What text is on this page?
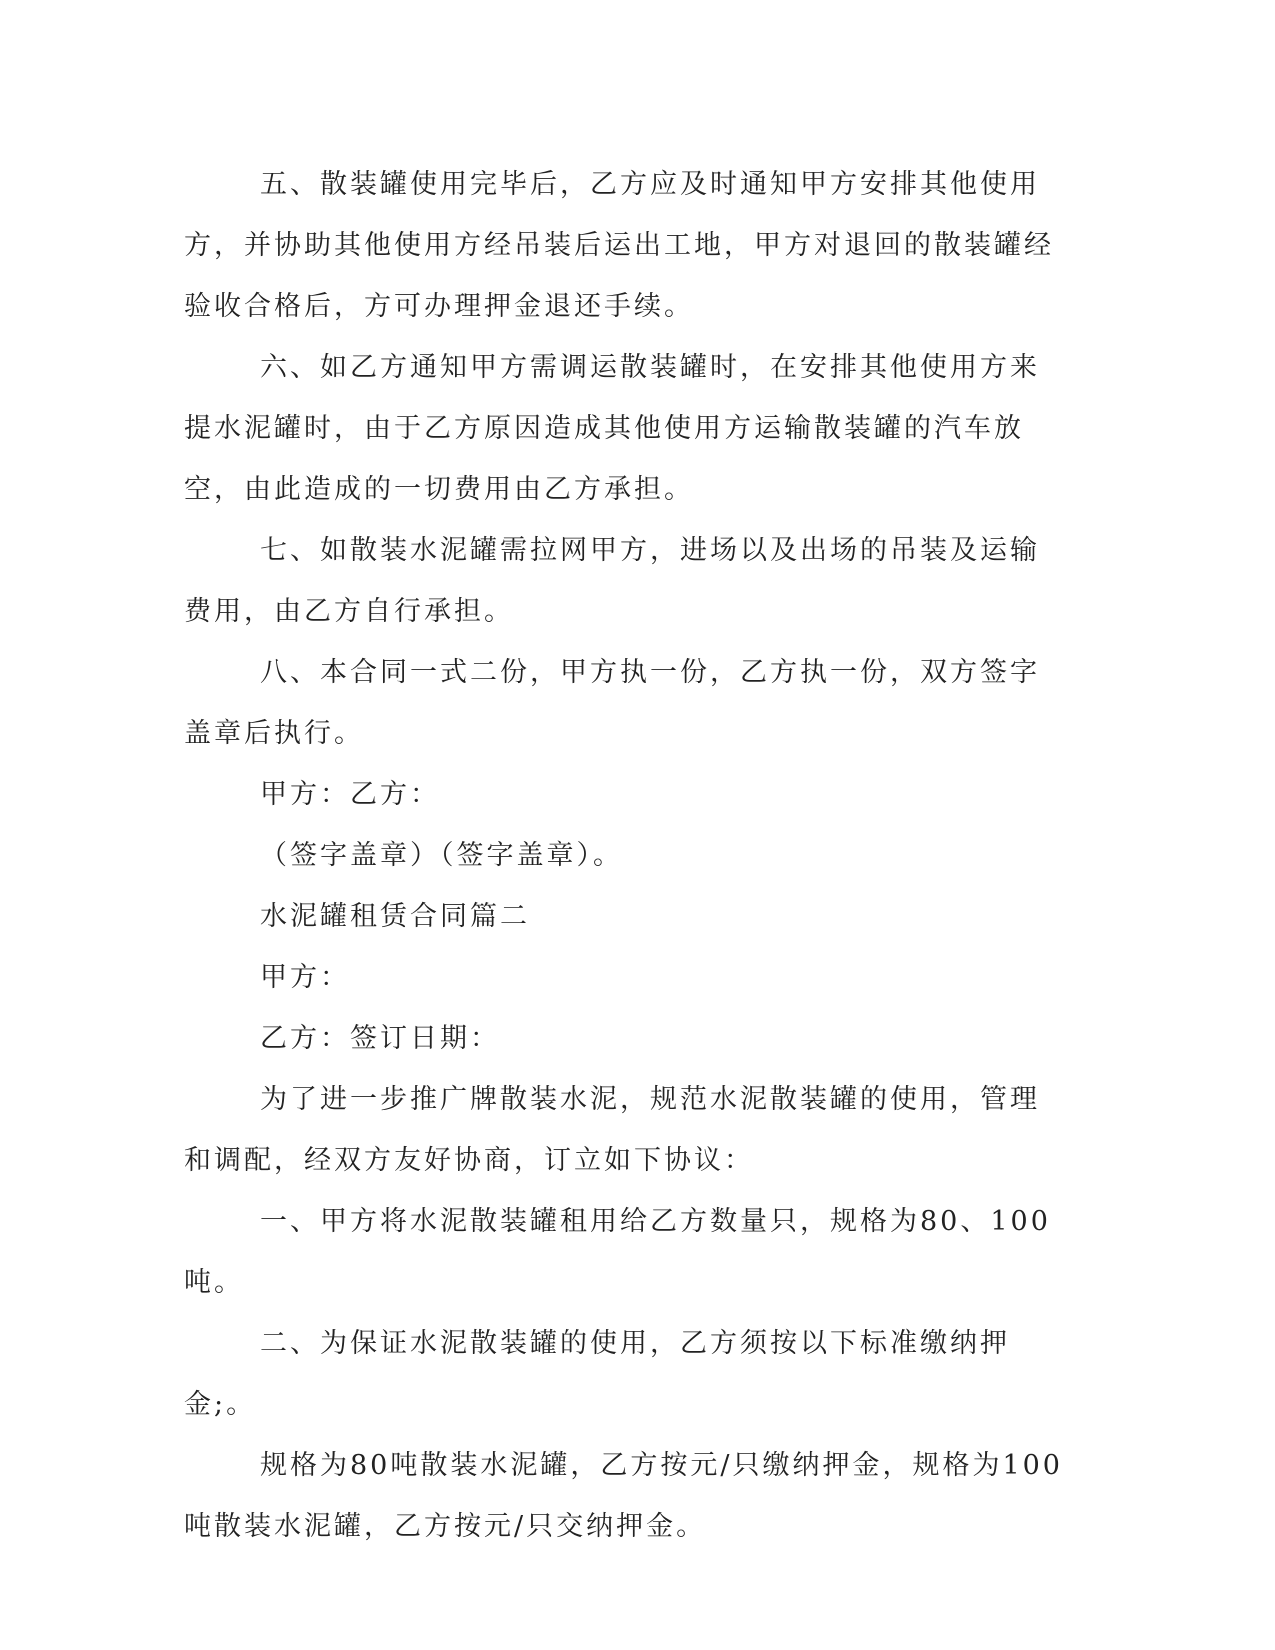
五、散装罐使用完毕后，乙方应及时通知甲方安排其他使用方，并协助其他使用方经吊装后运出工地，甲方对退回的散装罐经验收合格后，方可办理押金退还手续。

六、如乙方通知甲方需调运散装罐时，在安排其他使用方来提水泥罐时，由于乙方原因造成其他使用方运输散装罐的汽车放空，由此造成的一切费用由乙方承担。

七、如散装水泥罐需拉网甲方，进场以及出场的吊装及运输费用，由乙方自行承担。

八、本合同一式二份，甲方执一份，乙方执一份，双方签字盖章后执行。

甲方：乙方：

（签字盖章）（签字盖章）。

水泥罐租赁合同篇二

甲方：

乙方：签订日期：

为了进一步推广牌散装水泥，规范水泥散装罐的使用，管理和调配，经双方友好协商，订立如下协议：

一、甲方将水泥散装罐租用给乙方数量只，规格为80、100吨。

二、为保证水泥散装罐的使用，乙方须按以下标准缴纳押金;。

规格为80吨散装水泥罐，乙方按元/只缴纳押金，规格为100吨散装水泥罐，乙方按元/只交纳押金。
